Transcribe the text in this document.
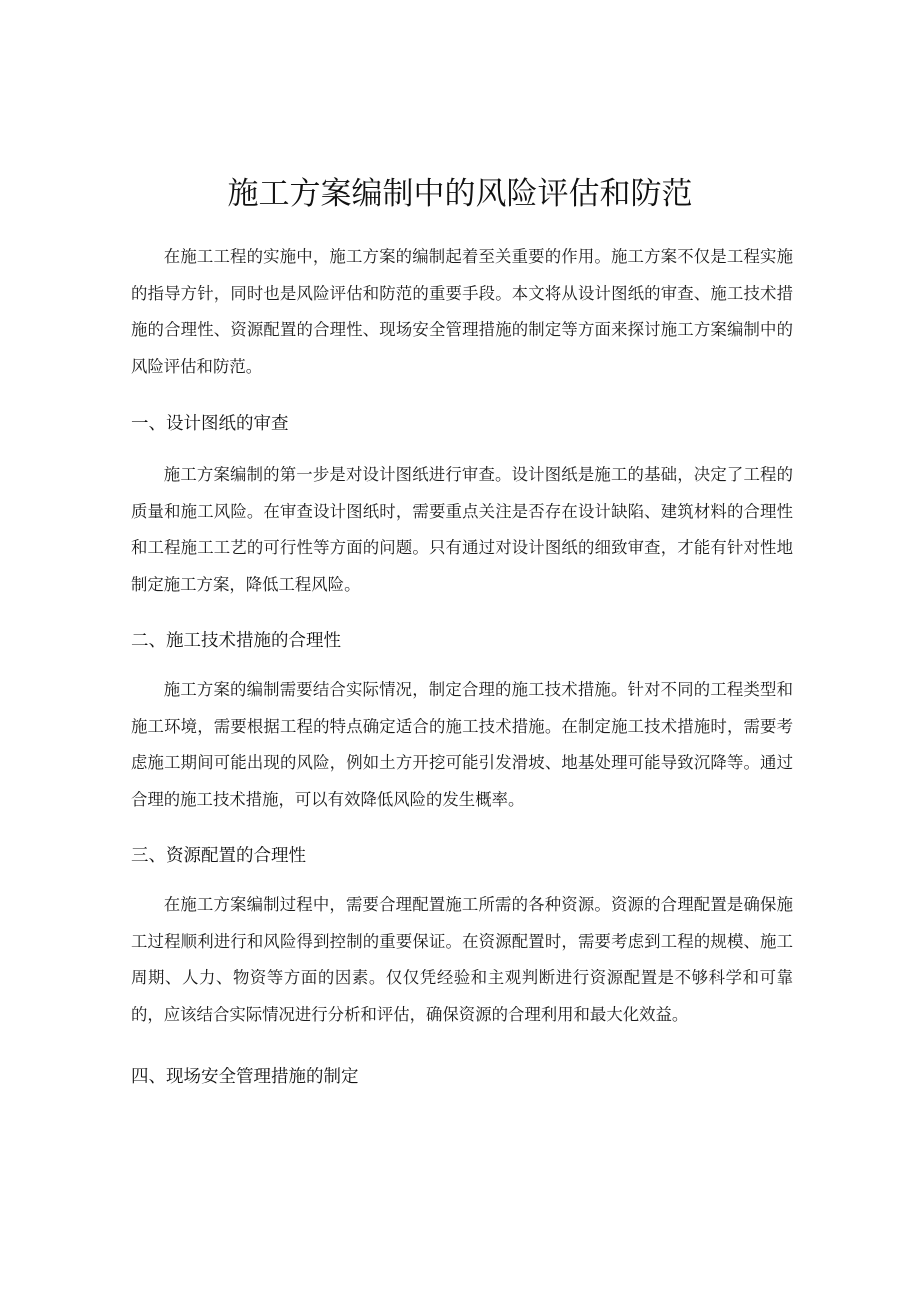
施工方案编制中的风险评估和防范

在施工工程的实施中，施工方案的编制起着至关重要的作用。施工方案不仅是工程实施的指导方针，同时也是风险评估和防范的重要手段。本文将从设计图纸的审查、施工技术措施的合理性、资源配置的合理性、现场安全管理措施的制定等方面来探讨施工方案编制中的风险评估和防范。

一、设计图纸的审查

施工方案编制的第一步是对设计图纸进行审查。设计图纸是施工的基础，决定了工程的质量和施工风险。在审查设计图纸时，需要重点关注是否存在设计缺陷、建筑材料的合理性和工程施工工艺的可行性等方面的问题。只有通过对设计图纸的细致审查，才能有针对性地制定施工方案，降低工程风险。

二、施工技术措施的合理性

施工方案的编制需要结合实际情况，制定合理的施工技术措施。针对不同的工程类型和施工环境，需要根据工程的特点确定适合的施工技术措施。在制定施工技术措施时，需要考虑施工期间可能出现的风险，例如土方开挖可能引发滑坡、地基处理可能导致沉降等。通过合理的施工技术措施，可以有效降低风险的发生概率。

三、资源配置的合理性

在施工方案编制过程中，需要合理配置施工所需的各种资源。资源的合理配置是确保施工过程顺利进行和风险得到控制的重要保证。在资源配置时，需要考虑到工程的规模、施工周期、人力、物资等方面的因素。仅仅凭经验和主观判断进行资源配置是不够科学和可靠的，应该结合实际情况进行分析和评估，确保资源的合理利用和最大化效益。

四、现场安全管理措施的制定
